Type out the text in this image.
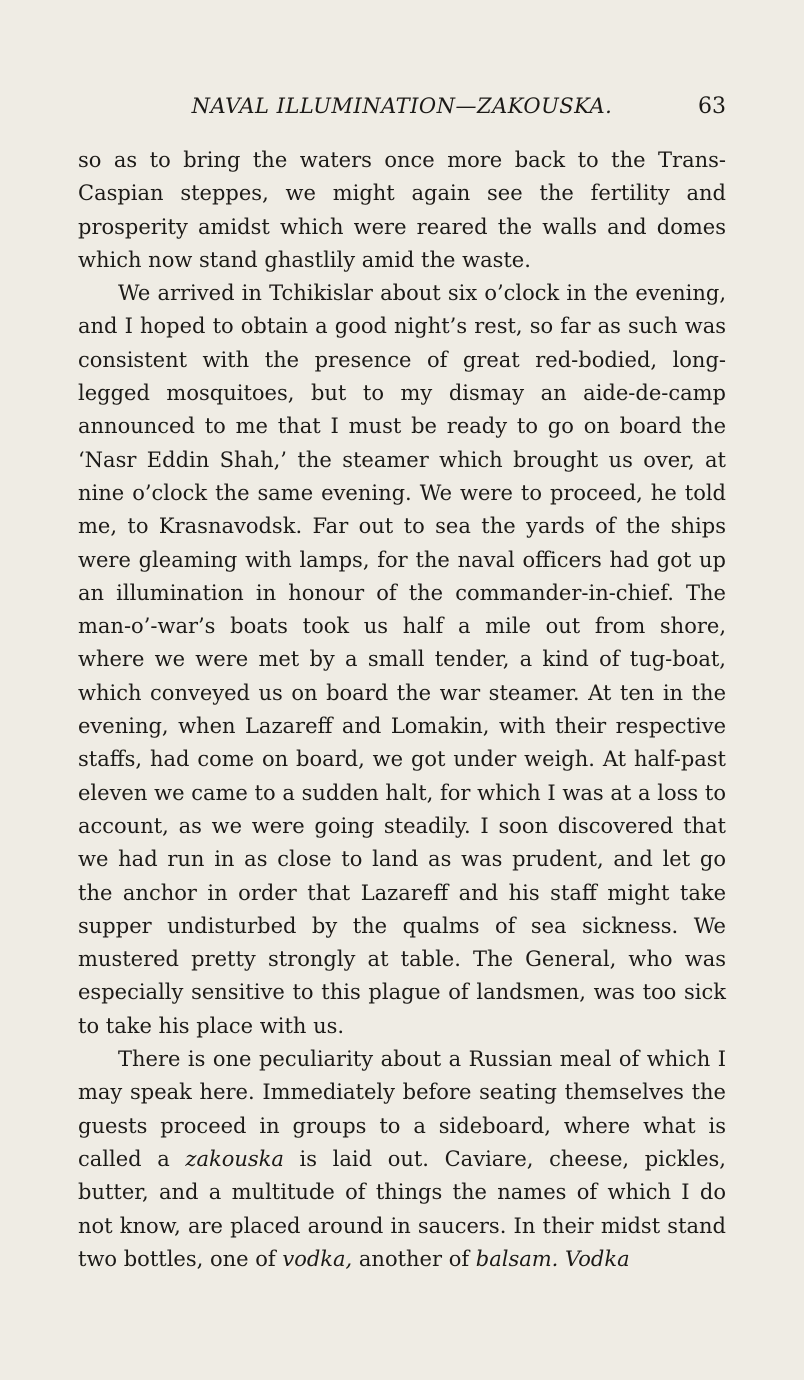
NAVAL ILLUMINATION—ZAKOUSKA.	63

so as to bring the waters once more back to the Trans-Caspian steppes, we might again see the fertility and prosperity amidst which were reared the walls and domes which now stand ghastlily amid the waste.

We arrived in Tchikislar about six o’clock in the evening, and I hoped to obtain a good night’s rest, so far as such was consistent with the presence of great red-bodied, long-legged mosquitoes, but to my dismay an aide-de-camp announced to me that I must be ready to go on board the ‘Nasr Eddin Shah,’ the steamer which brought us over, at nine o’clock the same evening. We were to proceed, he told me, to Krasnavodsk. Far out to sea the yards of the ships were gleaming with lamps, for the naval officers had got up an illumination in honour of the commander-in-chief. The man-o’-war’s boats took us half a mile out from shore, where we were met by a small tender, a kind of tug-boat, which conveyed us on board the war steamer. At ten in the evening, when Lazareff and Lomakin, with their respective staffs, had come on board, we got under weigh. At half-past eleven we came to a sudden halt, for which I was at a loss to account, as we were going steadily. I soon discovered that we had run in as close to land as was prudent, and let go the anchor in order that Lazareff and his staff might take supper undisturbed by the qualms of sea sickness. We mustered pretty strongly at table. The General, who was especially sensitive to this plague of landsmen, was too sick to take his place with us.

There is one peculiarity about a Russian meal of which I may speak here. Immediately before seating themselves the guests proceed in groups to a sideboard, where what is called a zakouska is laid out. Caviare, cheese, pickles, butter, and a multitude of things the names of which I do not know, are placed around in saucers. In their midst stand two bottles, one of vodka, another of balsam. Vodka
